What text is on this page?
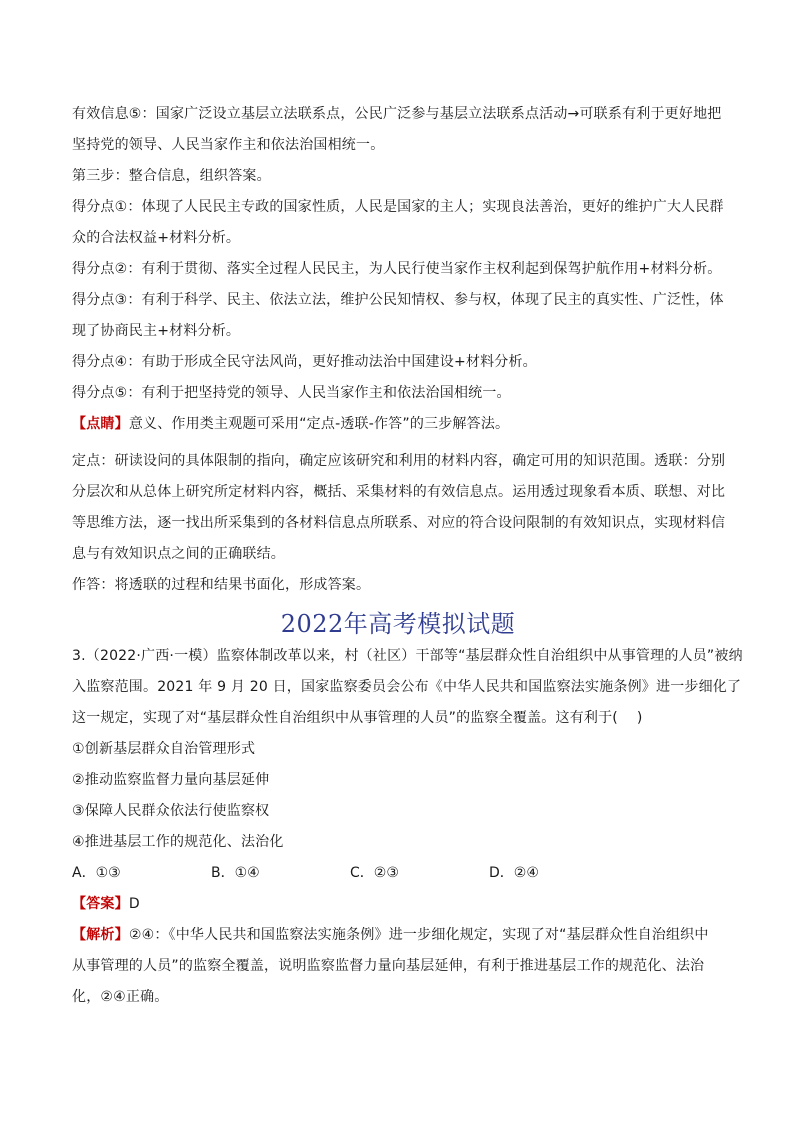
有效信息⑤：国家广泛设立基层立法联系点，公民广泛参与基层立法联系点活动→可联系有利于更好地把
坚持党的领导、人民当家作主和依法治国相统一。
第三步：整合信息，组织答案。
得分点①：体现了人民民主专政的国家性质，人民是国家的主人；实现良法善治，更好的维护广大人民群
众的合法权益+材料分析。
得分点②：有利于贯彻、落实全过程人民民主，为人民行使当家作主权利起到保驾护航作用+材料分析。
得分点③：有利于科学、民主、依法立法，维护公民知情权、参与权，体现了民主的真实性、广泛性，体
现了协商民主+材料分析。
得分点④：有助于形成全民守法风尚，更好推动法治中国建设+材料分析。
得分点⑤：有利于把坚持党的领导、人民当家作主和依法治国相统一。
【点睛】意义、作用类主观题可采用“定点-透联-作答”的三步解答法。
定点：研读设问的具体限制的指向，确定应该研究和利用的材料内容，确定可用的知识范围。透联：分别
分层次和从总体上研究所定材料内容，概括、采集材料的有效信息点。运用透过现象看本质、联想、对比
等思维方法，逐一找出所采集到的各材料信息点所联系、对应的符合设问限制的有效知识点，实现材料信
息与有效知识点之间的正确联结。
作答：将透联的过程和结果书面化，形成答案。
2022年高考模拟试题
3.（2022·广西·一模）监察体制改革以来，村（社区）干部等“基层群众性自治组织中从事管理的人员”被纳
入监察范围。2021 年 9 月 20 日，国家监察委员会公布《中华人民共和国监察法实施条例》进一步细化了
这一规定，实现了对“基层群众性自治组织中从事管理的人员”的监察全覆盖。这有利于(　 )
①创新基层群众自治管理形式
②推动监察监督力量向基层延伸
③保障人民群众依法行使监察权
④推进基层工作的规范化、法治化
A．①③	B．①④	C．②③	D．②④
【答案】D
【解析】②④：《中华人民共和国监察法实施条例》进一步细化规定，实现了对“基层群众性自治组织中
从事管理的人员”的监察全覆盖，说明监察监督力量向基层延伸，有利于推进基层工作的规范化、法治
化，②④正确。
